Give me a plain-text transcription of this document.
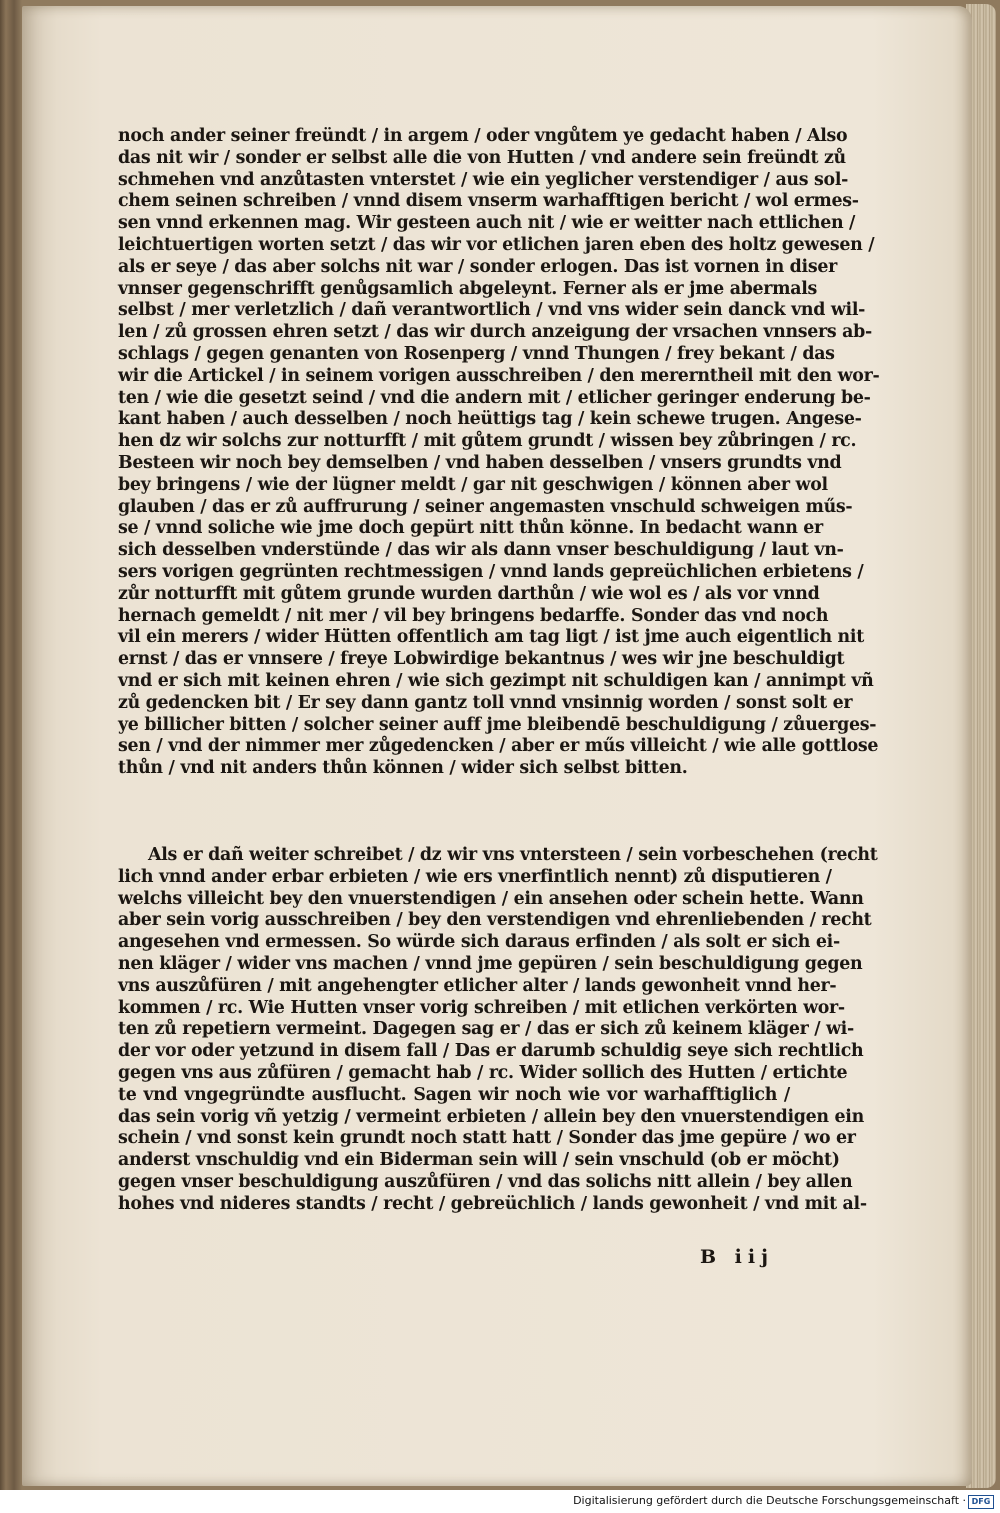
noch ander seiner freündt / in argem / oder vngůtem ye gedacht haben / Also
das nit wir / sonder er selbst alle die von Hutten / vnd andere sein freündt zů
schmehen vnd anzůtasten vnterstet / wie ein yeglicher verstendiger / aus sol-
chem seinen schreiben / vnnd disem vnserm warhafftigen bericht / wol ermes-
sen vnnd erkennen mag. Wir gesteen auch nit / wie er weitter nach ettlichen /
leichtuertigen worten setzt / das wir vor etlichen jaren eben des holtz gewesen /
als er seye / das aber solchs nit war / sonder erlogen. Das ist vornen in diser
vnnser gegenschrifft genůgsamlich abgeleynt. Ferner als er jme abermals
selbst / mer verletzlich / dañ verantwortlich / vnd vns wider sein danck vnd wil-
len / zů grossen ehren setzt / das wir durch anzeigung der vrsachen vnnsers ab-
schlags / gegen genanten von Rosenperg / vnnd Thungen / frey bekant / das
wir die Artickel / in seinem vorigen ausschreiben / den mererntheil mit den wor-
ten / wie die gesetzt seind / vnd die andern mit / etlicher geringer enderung be-
kant haben / auch desselben / noch heüttigs tag / kein schewe trugen. Angese-
hen dz wir solchs zur notturfft / mit gůtem grundt / wissen bey zůbringen / rc.
Besteen wir noch bey demselben / vnd haben desselben / vnsers grundts vnd
bey bringens / wie der lügner meldt / gar nit geschwigen / können aber wol
glauben / das er zů auffrurung / seiner angemasten vnschuld schweigen műs-
se / vnnd soliche wie jme doch gepürt nitt thůn könne. In bedacht wann er
sich desselben vnderstünde / das wir als dann vnser beschuldigung / laut vn-
sers vorigen gegrünten rechtmessigen / vnnd lands gepreüchlichen erbietens /
zůr notturfft mit gůtem grunde wurden darthůn / wie wol es / als vor vnnd
hernach gemeldt / nit mer / vil bey bringens bedarffe. Sonder das vnd noch
vil ein merers / wider Hütten offentlich am tag ligt / ist jme auch eigentlich nit
ernst / das er vnnsere / freye Lobwirdige bekantnus / wes wir jne beschuldigt
vnd er sich mit keinen ehren / wie sich gezimpt nit schuldigen kan / annimpt vñ
zů gedencken bit / Er sey dann gantz toll vnnd vnsinnig worden / sonst solt er
ye billicher bitten / solcher seiner auff jme bleibendē beschuldigung / zůuerges-
sen / vnd der nimmer mer zůgedencken / aber er műs villeicht / wie alle gottlose
thůn / vnd nit anders thůn können / wider sich selbst bitten.
Als er dañ weiter schreibet / dz wir vns vntersteen / sein vorbeschehen (recht
lich vnnd ander erbar erbieten / wie ers vnerfintlich nennt) zů disputieren /
welchs villeicht bey den vnuerstendigen / ein ansehen oder schein hette. Wann
aber sein vorig ausschreiben / bey den verstendigen vnd ehrenliebenden / recht
angesehen vnd ermessen. So würde sich daraus erfinden / als solt er sich ei-
nen kläger / wider vns machen / vnnd jme gepüren / sein beschuldigung gegen
vns auszůfüren / mit angehengter etlicher alter / lands gewonheit vnnd her-
kommen / rc. Wie Hutten vnser vorig schreiben / mit etlichen verkörten wor-
ten zů repetiern vermeint. Dagegen sag er / das er sich zů keinem kläger / wi-
der vor oder yetzund in disem fall / Das er darumb schuldig seye sich rechtlich
gegen vns aus zůfüren / gemacht hab / rc. Wider sollich des Hutten / ertichte
te vnd vngegründte ausflucht. Sagen wir noch wie vor warhafftiglich /
das sein vorig vñ yetzig / vermeint erbieten / allein bey den vnuerstendigen ein
schein / vnd sonst kein grundt noch statt hatt / Sonder das jme gepüre / wo er
anderst vnschuldig vnd ein Biderman sein will / sein vnschuld (ob er möcht)
gegen vnser beschuldigung auszůfüren / vnd das solichs nitt allein / bey allen
hohes vnd nideres standts / recht / gebreüchlich / lands gewonheit / vnd mit al-
B iij
Digitalisierung gefördert durch die Deutsche Forschungsgemeinschaft · DFG
